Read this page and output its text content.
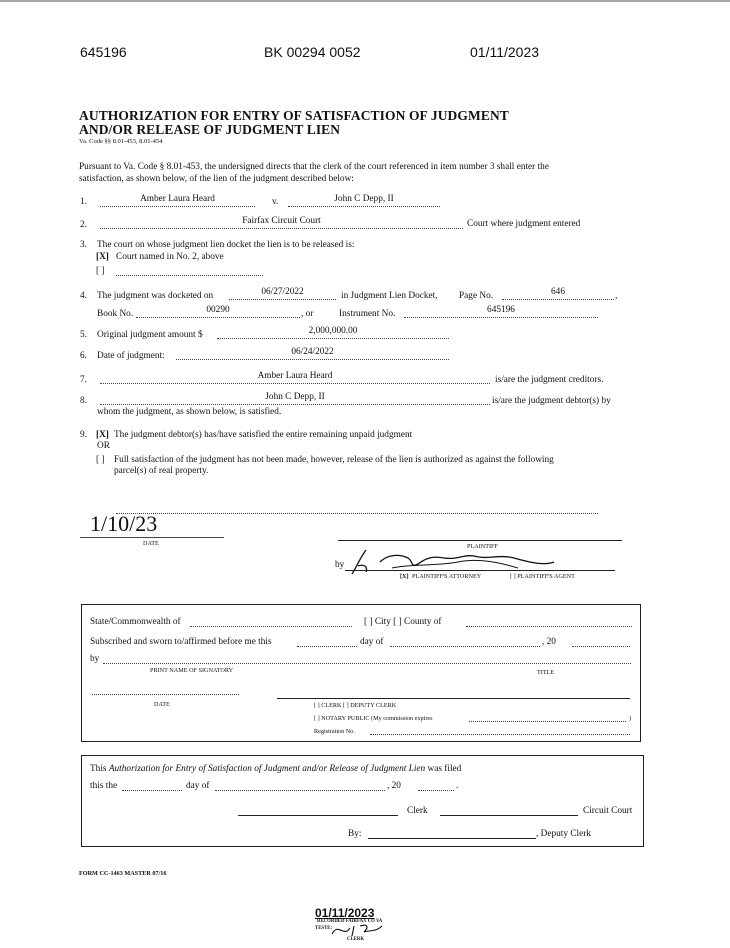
645196	BK 00294 0052	01/11/2023
AUTHORIZATION FOR ENTRY OF SATISFACTION OF JUDGMENT
AND/OR RELEASE OF JUDGMENT LIEN
Va. Code §§ 8.01-453, 8.01-454
Pursuant to Va. Code § 8.01-453, the undersigned directs that the clerk of the court referenced in item number 3 shall enter the
satisfaction, as shown below, of the lien of the judgment described below:
1.	Amber Laura Heard	v.	John C Depp, II
2.	Fairfax Circuit Court	Court where judgment entered
3. The court on whose judgment lien docket the lien is to be released is:
[X] Court named in No. 2, above
[ ]
4. The judgment was docketed on	06/27/2022	in Judgment Lien Docket, Page No.	646	,
Book No.	00290	, or	Instrument No.	645196
5. Original judgment amount $	2,000,000.00
6. Date of judgment:	06/24/2022
7.	Amber Laura Heard	is/are the judgment creditors.
8.	John C Depp, II	is/are the judgment debtor(s) by
whom the judgment, as shown below, is satisfied.
9. [X] The judgment debtor(s) has/have satisfied the entire remaining unpaid judgment
OR
[ ] Full satisfaction of the judgment has not been made, however, release of the lien is authorized as against the following
parcel(s) of real property.
1/10/23
DATE	PLAINTIFF
by
[X] PLAINTIFF'S ATTORNEY	[ ] PLAINTIFF'S AGENT
State/Commonwealth of	[ ] City [ ] County of
Subscribed and sworn to/affirmed before me this	day of	, 20
by
PRINT NAME OF SIGNATORY	TITLE
DATE	[ ] CLERK [ ] DEPUTY CLERK
[ ] NOTARY PUBLIC (My commission expires	)
Registration No.
This Authorization for Entry of Satisfaction of Judgment and/or Release of Judgment Lien was filed
this the	day of	, 20	.
Clerk	Circuit Court
By:	, Deputy Clerk
FORM CC-1463 MASTER 07/16
01/11/2023
RECORDED FAIRFAX CO VA
TESTE:
CLERK
